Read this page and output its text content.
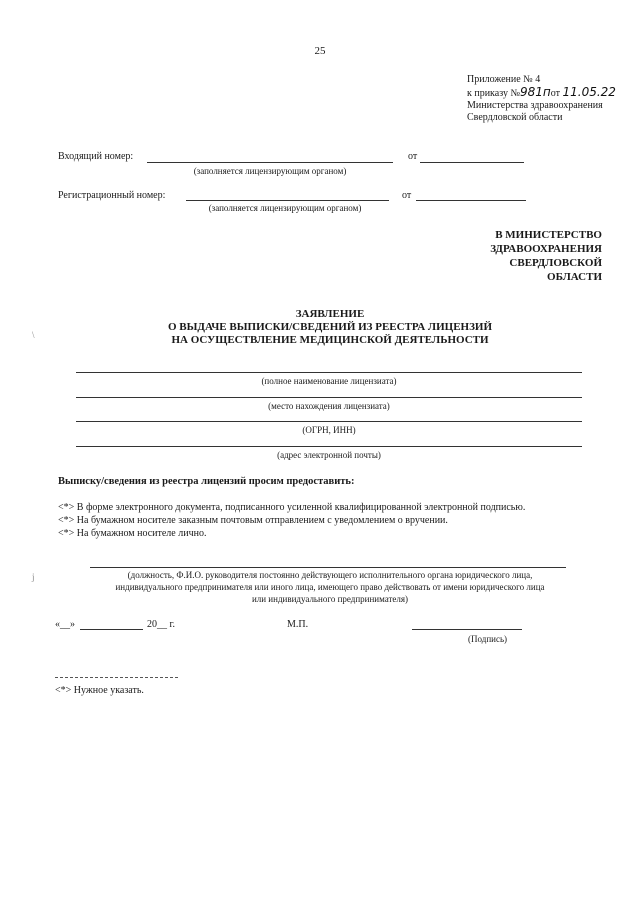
25
Приложение № 4
к приказу №981пот 11.05.22
Министерства здравоохранения
Свердловской области
Входящий номер:
(заполняется лицензирующим органом)
от
Регистрационный номер:
(заполняется лицензирующим органом)
от
В МИНИСТЕРСТВО
ЗДРАВООХРАНЕНИЯ
СВЕРДЛОВСКОЙ
ОБЛАСТИ
ЗАЯВЛЕНИЕ
О ВЫДАЧЕ ВЫПИСКИ/СВЕДЕНИЙ ИЗ РЕЕСТРА ЛИЦЕНЗИЙ
НА ОСУЩЕСТВЛЕНИЕ МЕДИЦИНСКОЙ ДЕЯТЕЛЬНОСТИ
(полное наименование лицензиата)
(место нахождения лицензиата)
(ОГРН, ИНН)
(адрес электронной почты)
Выписку/сведения из реестра лицензий просим предоставить:
<*> В форме электронного документа, подписанного усиленной квалифицированной электронной подписью.
<*> На бумажном носителе заказным почтовым отправлением с уведомлением о вручении.
<*> На бумажном носителе лично.
(должность, Ф.И.О. руководителя постоянно действующего исполнительного органа юридического лица,
индивидуального предпринимателя или иного лица, имеющего право действовать от имени юридического лица
или индивидуального предпринимателя)
«__»	20__ г.	М.П.
(Подпись)
<*> Нужное указать.
\
j
